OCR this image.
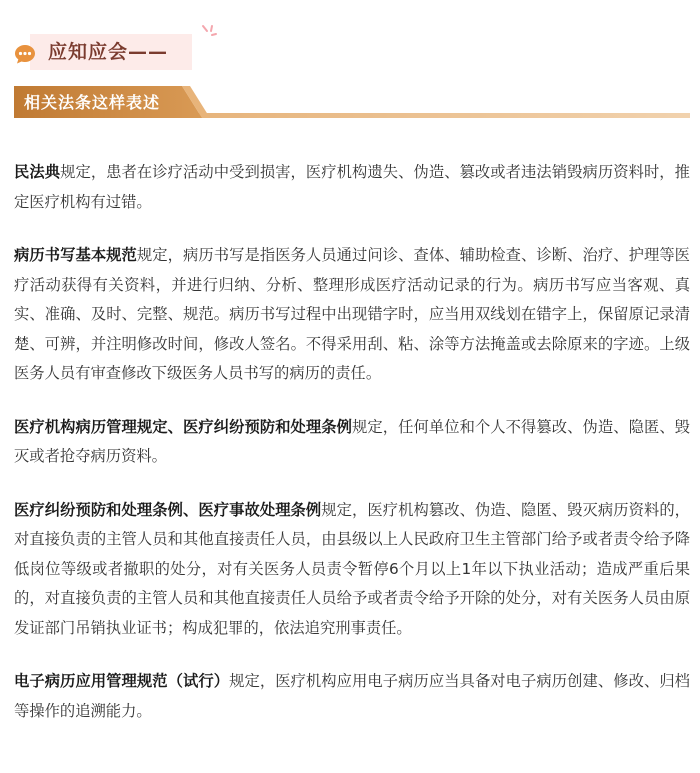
应知应会——
相关法条这样表述

民法典规定，患者在诊疗活动中受到损害，医疗机构遗失、伪造、篡改或者违法销毁病历资料时，推定医疗机构有过错。

病历书写基本规范规定，病历书写是指医务人员通过问诊、查体、辅助检查、诊断、治疗、护理等医疗活动获得有关资料，并进行归纳、分析、整理形成医疗活动记录的行为。病历书写应当客观、真实、准确、及时、完整、规范。病历书写过程中出现错字时，应当用双线划在错字上，保留原记录清楚、可辨，并注明修改时间，修改人签名。不得采用刮、粘、涂等方法掩盖或去除原来的字迹。上级医务人员有审查修改下级医务人员书写的病历的责任。

医疗机构病历管理规定、医疗纠纷预防和处理条例规定，任何单位和个人不得篡改、伪造、隐匿、毁灭或者抢夺病历资料。

医疗纠纷预防和处理条例、医疗事故处理条例规定，医疗机构篡改、伪造、隐匿、毁灭病历资料的，对直接负责的主管人员和其他直接责任人员，由县级以上人民政府卫生主管部门给予或者责令给予降低岗位等级或者撤职的处分，对有关医务人员责令暂停6个月以上1年以下执业活动；造成严重后果的，对直接负责的主管人员和其他直接责任人员给予或者责令给予开除的处分，对有关医务人员由原发证部门吊销执业证书；构成犯罪的，依法追究刑事责任。

电子病历应用管理规范（试行）规定，医疗机构应用电子病历应当具备对电子病历创建、修改、归档等操作的追溯能力。
